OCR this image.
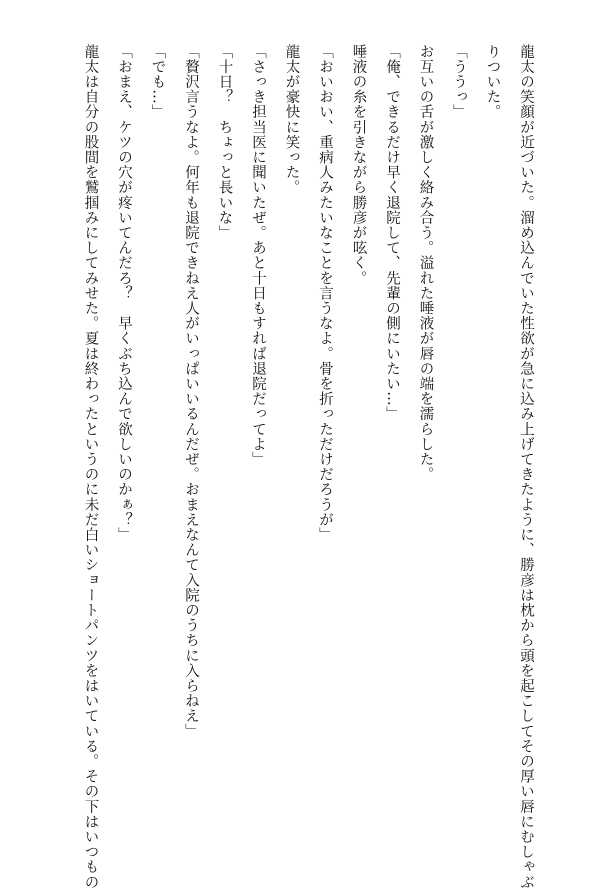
龍太の笑顔が近づいた。溜め込んでいた性欲が急に込み上げてきたように、勝彦は枕から頭を起こしてその厚い唇にむしゃぶ
りついた。
「ううっ」
お互いの舌が激しく絡み合う。溢れた唾液が唇の端を濡らした。
「俺、できるだけ早く退院して、先輩の側にいたい…」
唾液の糸を引きながら勝彦が呟く。
「おいおい、重病人みたいなことを言うなよ。骨を折っただけだろうが」
龍太が豪快に笑った。
「さっき担当医に聞いたぜ。あと十日もすれば退院だってよ」
「十日？　ちょっと長いな」
「贅沢言うなよ。何年も退院できねえ人がいっぱいいるんだぜ。おまえなんて入院のうちに入らねえ」
「でも…」
「おまえ、ケツの穴が疼いてんだろ？　早くぶち込んで欲しいのかぁ？」
龍太は自分の股間を鷲掴みにしてみせた。夏は終わったというのに未だ白いショートパンツをはいている。その下はいつもの
